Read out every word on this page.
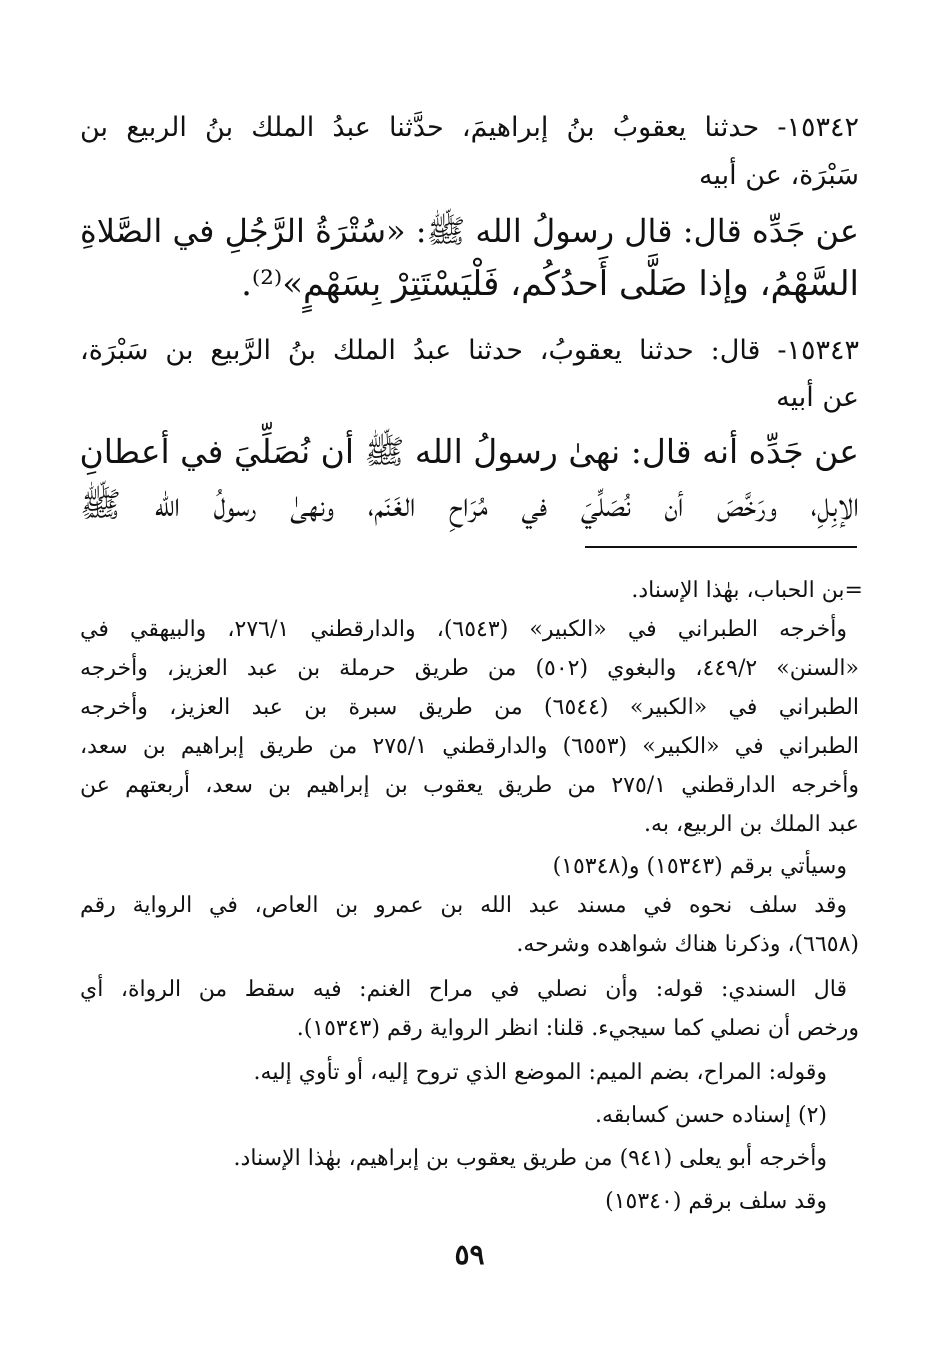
١٥٣٤٢- حدثنا يعقوبُ بنُ إبراهيمَ، حدَّثنا عبدُ الملك بنُ الربيع بن
سَبْرَة، عن أبيه
عن جَدِّه قال: قال رسولُ الله ﷺ: «سُتْرَةُ الرَّجُلِ في الصَّلاةِ
السَّهْمُ، وإذا صَلَّى أَحدُكُم، فَلْيَسْتَتِرْ بِسَهْمٍ»⁽²⁾.
١٥٣٤٣- قال: حدثنا يعقوبُ، حدثنا عبدُ الملك بنُ الرَّبيع بن سَبْرَة،
عن أبيه
عن جَدِّه أنه قال: نهىٰ رسولُ الله ﷺ أن نُصَلِّيَ في أعطانِ
الإبِلِ، ورَخَّصَ أن نُصَلِّيَ في مُرَاحِ الغَنَم، ونهىٰ رسولُ الله ﷺ
=بن الحباب، بهٰذا الإسناد.
وأخرجه الطبراني في «الكبير» (٦٥٤٣)، والدارقطني ٢٧٦/١، والبيهقي في
«السنن» ٤٤٩/٢، والبغوي (٥٠٢) من طريق حرملة بن عبد العزيز، وأخرجه
الطبراني في «الكبير» (٦٥٤٤) من طريق سبرة بن عبد العزيز، وأخرجه
الطبراني في «الكبير» (٦٥٥٣) والدارقطني ٢٧٥/١ من طريق إبراهيم بن سعد،
وأخرجه الدارقطني ٢٧٥/١ من طريق يعقوب بن إبراهيم بن سعد، أربعتهم عن
عبد الملك بن الربيع، به.
وسيأتي برقم (١٥٣٤٣) و(١٥٣٤٨)
وقد سلف نحوه في مسند عبد الله بن عمرو بن العاص، في الرواية رقم
(٦٦٥٨)، وذكرنا هناك شواهده وشرحه.
قال السندي: قوله: وأن نصلي في مراح الغنم: فيه سقط من الرواة، أي
ورخص أن نصلي كما سيجيء. قلنا: انظر الرواية رقم (١٥٣٤٣).
وقوله: المراح، بضم الميم: الموضع الذي تروح إليه، أو تأوي إليه.
(٢) إسناده حسن كسابقه.
وأخرجه أبو يعلى (٩٤١) من طريق يعقوب بن إبراهيم، بهٰذا الإسناد.
وقد سلف برقم (١٥٣٤٠)
٥٩
